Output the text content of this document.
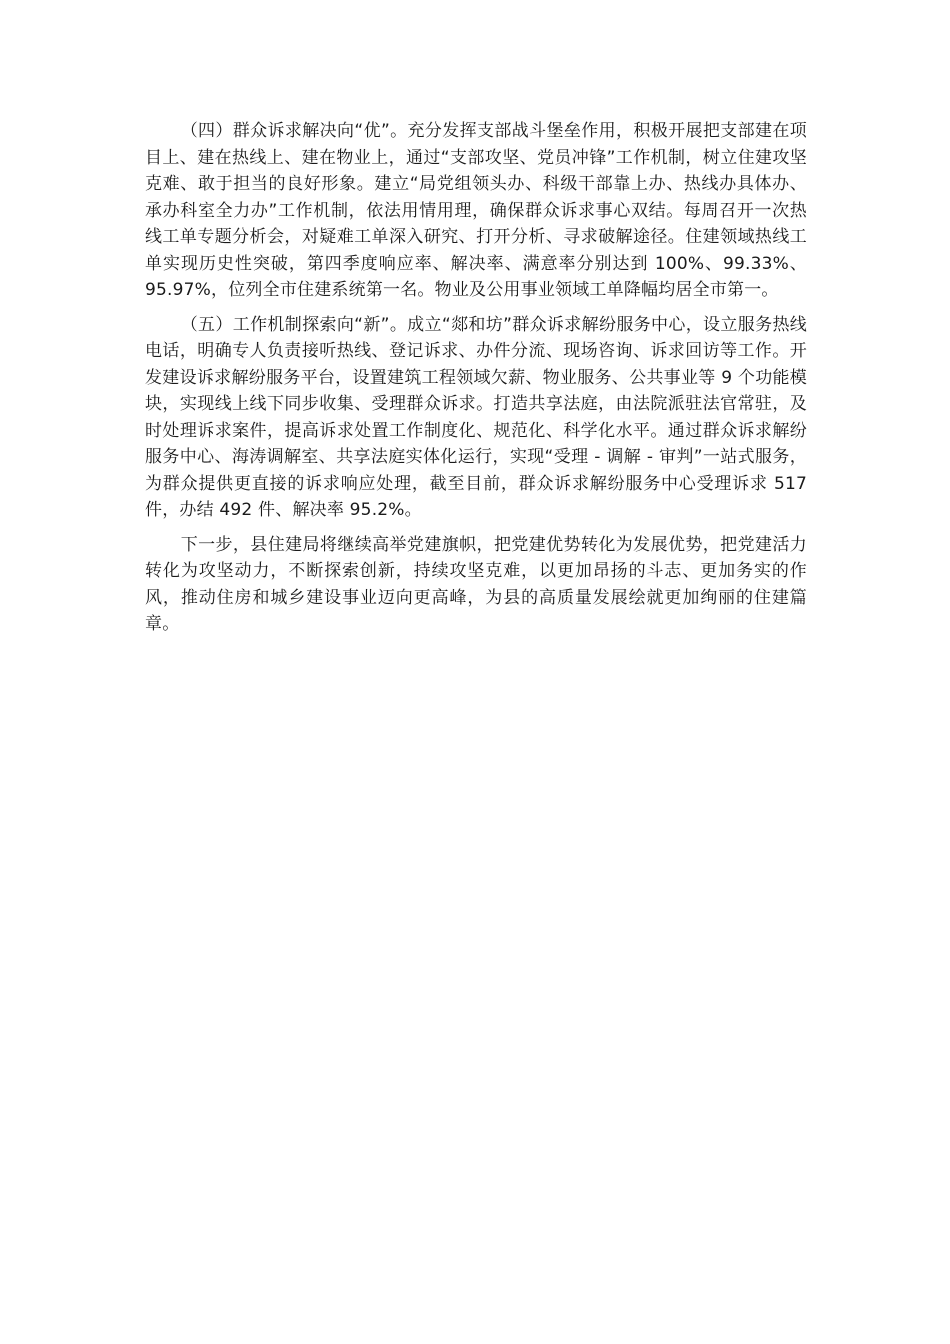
（四）群众诉求解决向“优”。充分发挥支部战斗堡垒作用，积极开展把支部建在项目上、建在热线上、建在物业上，通过“支部攻坚、党员冲锋”工作机制，树立住建攻坚克难、敢于担当的良好形象。建立“局党组领头办、科级干部靠上办、热线办具体办、承办科室全力办”工作机制，依法用情用理，确保群众诉求事心双结。每周召开一次热线工单专题分析会，对疑难工单深入研究、打开分析、寻求破解途径。住建领域热线工单实现历史性突破，第四季度响应率、解决率、满意率分别达到 100%、99.33%、95.97%，位列全市住建系统第一名。物业及公用事业领域工单降幅均居全市第一。

（五）工作机制探索向“新”。成立“郯和坊”群众诉求解纷服务中心，设立服务热线电话，明确专人负责接听热线、登记诉求、办件分流、现场咨询、诉求回访等工作。开发建设诉求解纷服务平台，设置建筑工程领域欠薪、物业服务、公共事业等 9 个功能模块，实现线上线下同步收集、受理群众诉求。打造共享法庭，由法院派驻法官常驻，及时处理诉求案件，提高诉求处置工作制度化、规范化、科学化水平。通过群众诉求解纷服务中心、海涛调解室、共享法庭实体化运行，实现“受理 - 调解 - 审判”一站式服务，为群众提供更直接的诉求响应处理，截至目前，群众诉求解纷服务中心受理诉求 517 件，办结 492 件、解决率 95.2%。

下一步，县住建局将继续高举党建旗帜，把党建优势转化为发展优势，把党建活力转化为攻坚动力，不断探索创新，持续攻坚克难，以更加昂扬的斗志、更加务实的作风，推动住房和城乡建设事业迈向更高峰，为县的高质量发展绘就更加绚丽的住建篇章。
